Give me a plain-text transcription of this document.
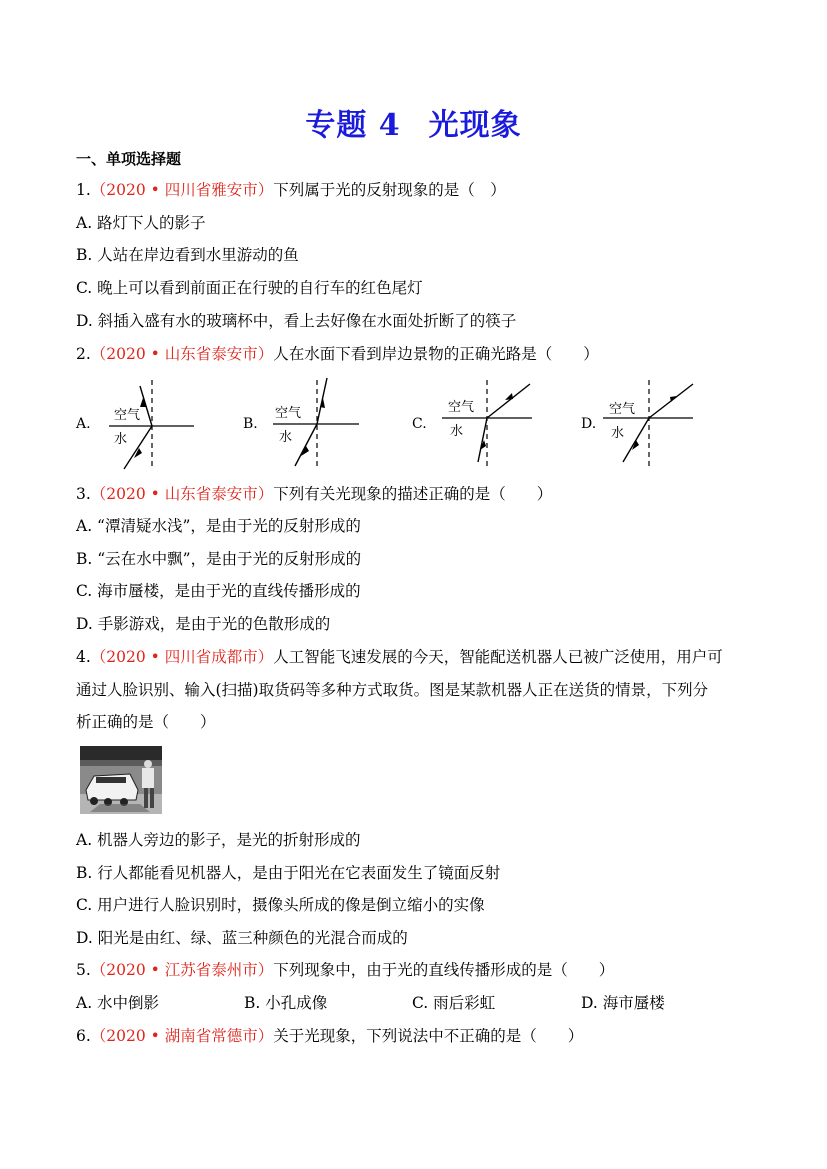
专题 4 光现象
一、单项选择题
1.（2020 • 四川省雅安市）下列属于光的反射现象的是（　）
A. 路灯下人的影子
B. 人站在岸边看到水里游动的鱼
C. 晚上可以看到前面正在行驶的自行车的红色尾灯
D. 斜插入盛有水的玻璃杯中，看上去好像在水面处折断了的筷子
2.（2020 • 山东省泰安市）人在水面下看到岸边景物的正确光路是（　　）
A.
空气
水
B.
空气
水
C.
空气
水	D.
空气
水
3.（2020 • 山东省泰安市）下列有关光现象的描述正确的是（　　）
A. “潭清疑水浅”，是由于光的反射形成的
B. “云在水中飘”，是由于光的反射形成的
C. 海市蜃楼，是由于光的直线传播形成的
D. 手影游戏，是由于光的色散形成的
4.（2020 • 四川省成都市）人工智能飞速发展的今天，智能配送机器人已被广泛使用，用户可
通过人脸识别、输入(扫描)取货码等多种方式取货。图是某款机器人正在送货的情景，下列分
析正确的是（　　）
A. 机器人旁边的影子，是光的折射形成的
B. 行人都能看见机器人，是由于阳光在它表面发生了镜面反射
C. 用户进行人脸识别时，摄像头所成的像是倒立缩小的实像
D. 阳光是由红、绿、蓝三种颜色的光混合而成的
5.（2020 • 江苏省泰州市）下列现象中，由于光的直线传播形成的是（　　）
A. 水中倒影	B. 小孔成像	C. 雨后彩虹	D. 海市蜃楼
6.（2020 • 湖南省常德市）关于光现象，下列说法中不正确的是（　　）
